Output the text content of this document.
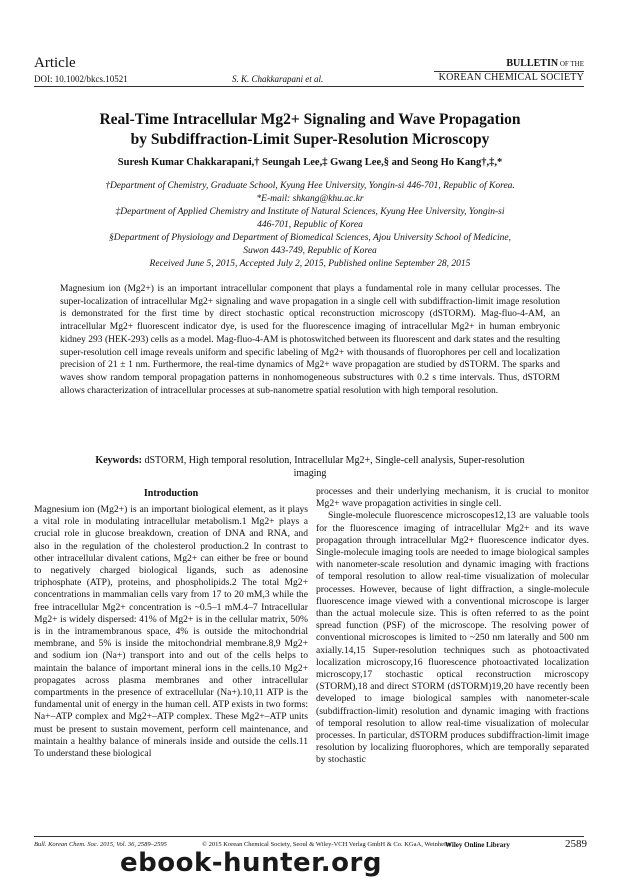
Article
DOI: 10.1002/bkcs.10521	S. K. Chakkarapani et al.
BULLETIN OF THE
KOREAN CHEMICAL SOCIETY
Real-Time Intracellular Mg2+ Signaling and Wave Propagation
by Subdiffraction-Limit Super-Resolution Microscopy
Suresh Kumar Chakkarapani,† Seungah Lee,‡ Gwang Lee,§ and Seong Ho Kang†,‡,*
†Department of Chemistry, Graduate School, Kyung Hee University, Yongin-si 446-701, Republic of Korea.
*E-mail: shkang@khu.ac.kr
‡Department of Applied Chemistry and Institute of Natural Sciences, Kyung Hee University, Yongin-si
446-701, Republic of Korea
§Department of Physiology and Department of Biomedical Sciences, Ajou University School of Medicine,
Suwon 443-749, Republic of Korea
Received June 5, 2015, Accepted July 2, 2015, Published online September 28, 2015
Magnesium ion (Mg2+) is an important intracellular component that plays a fundamental role in many cellular processes. The super-localization of intracellular Mg2+ signaling and wave propagation in a single cell with subdiffraction-limit image resolution is demonstrated for the first time by direct stochastic optical reconstruction microscopy (dSTORM). Mag-fluo-4-AM, an intracellular Mg2+ fluorescent indicator dye, is used for the fluorescence imaging of intracellular Mg2+ in human embryonic kidney 293 (HEK-293) cells as a model. Mag-fluo-4-AM is photoswitched between its fluorescent and dark states and the resulting super-resolution cell image reveals uniform and specific labeling of Mg2+ with thousands of fluorophores per cell and localization precision of 21 ± 1 nm. Furthermore, the real-time dynamics of Mg2+ wave propagation are studied by dSTORM. The sparks and waves show random temporal propagation patterns in nonhomogeneous substructures with 0.2 s time intervals. Thus, dSTORM allows characterization of intracellular processes at sub-nanometre spatial resolution with high temporal resolution.
Keywords: dSTORM, High temporal resolution, Intracellular Mg2+, Single-cell analysis, Super-resolution imaging
Introduction

Magnesium ion (Mg2+) is an important biological element, as it plays a vital role in modulating intracellular metabolism.1 Mg2+ plays a crucial role in glucose breakdown, creation of DNA and RNA, and also in the regulation of the cholesterol production.2 In contrast to other intracellular divalent cations, Mg2+ can either be free or bound to negatively charged biological ligands, such as adenosine triphosphate (ATP), proteins, and phospholipids.2 The total Mg2+ concentrations in mammalian cells vary from 17 to 20 mM,3 while the free intracellular Mg2+ concentration is ~0.5–1 mM.4–7 Intracellular Mg2+ is widely dispersed: 41% of Mg2+ is in the cellular matrix, 50% is in the intramembranous space, 4% is outside the mitochondrial membrane, and 5% is inside the mitochondrial membrane.8,9 Mg2+ and sodium ion (Na+) transport into and out of the cells helps to maintain the balance of important mineral ions in the cells.10 Mg2+ propagates across plasma membranes and other intracellular compartments in the presence of extracellular (Na+).10,11 ATP is the fundamental unit of energy in the human cell. ATP exists in two forms: Na+–ATP complex and Mg2+–ATP complex. These Mg2+–ATP units must be present to sustain movement, perform cell maintenance, and maintain a healthy balance of minerals inside and outside the cells.11 To understand these biological

processes and their underlying mechanism, it is crucial to monitor Mg2+ wave propagation activities in single cell.

Single-molecule fluorescence microscopes12,13 are valuable tools for the fluorescence imaging of intracellular Mg2+ and its wave propagation through intracellular Mg2+ fluorescence indicator dyes. Single-molecule imaging tools are needed to image biological samples with nanometer-scale resolution and dynamic imaging with fractions of temporal resolution to allow real-time visualization of molecular processes. However, because of light diffraction, a single-molecule fluorescence image viewed with a conventional microscope is larger than the actual molecule size. This is often referred to as the point spread function (PSF) of the microscope. The resolving power of conventional microscopes is limited to ~250 nm laterally and 500 nm axially.14,15 Super-resolution techniques such as photoactivated localization microscopy,16 fluorescence photoactivated localization microscopy,17 stochastic optical reconstruction microscopy (STORM),18 and direct STORM (dSTORM)19,20 have recently been developed to image biological samples with nanometer-scale (subdiffraction-limit) resolution and dynamic imaging with fractions of temporal resolution to allow real-time visualization of molecular processes. In particular, dSTORM produces subdiffraction-limit image resolution by localizing fluorophores, which are temporally separated by stochastic

Bull. Korean Chem. Soc. 2015, Vol. 36, 2589–2595	© 2015 Korean Chemical Society, Seoul & Wiley-VCH Verlag GmbH & Co. KGaA, Weinheim
Wiley Online Library	2589
ebook-hunter.org
